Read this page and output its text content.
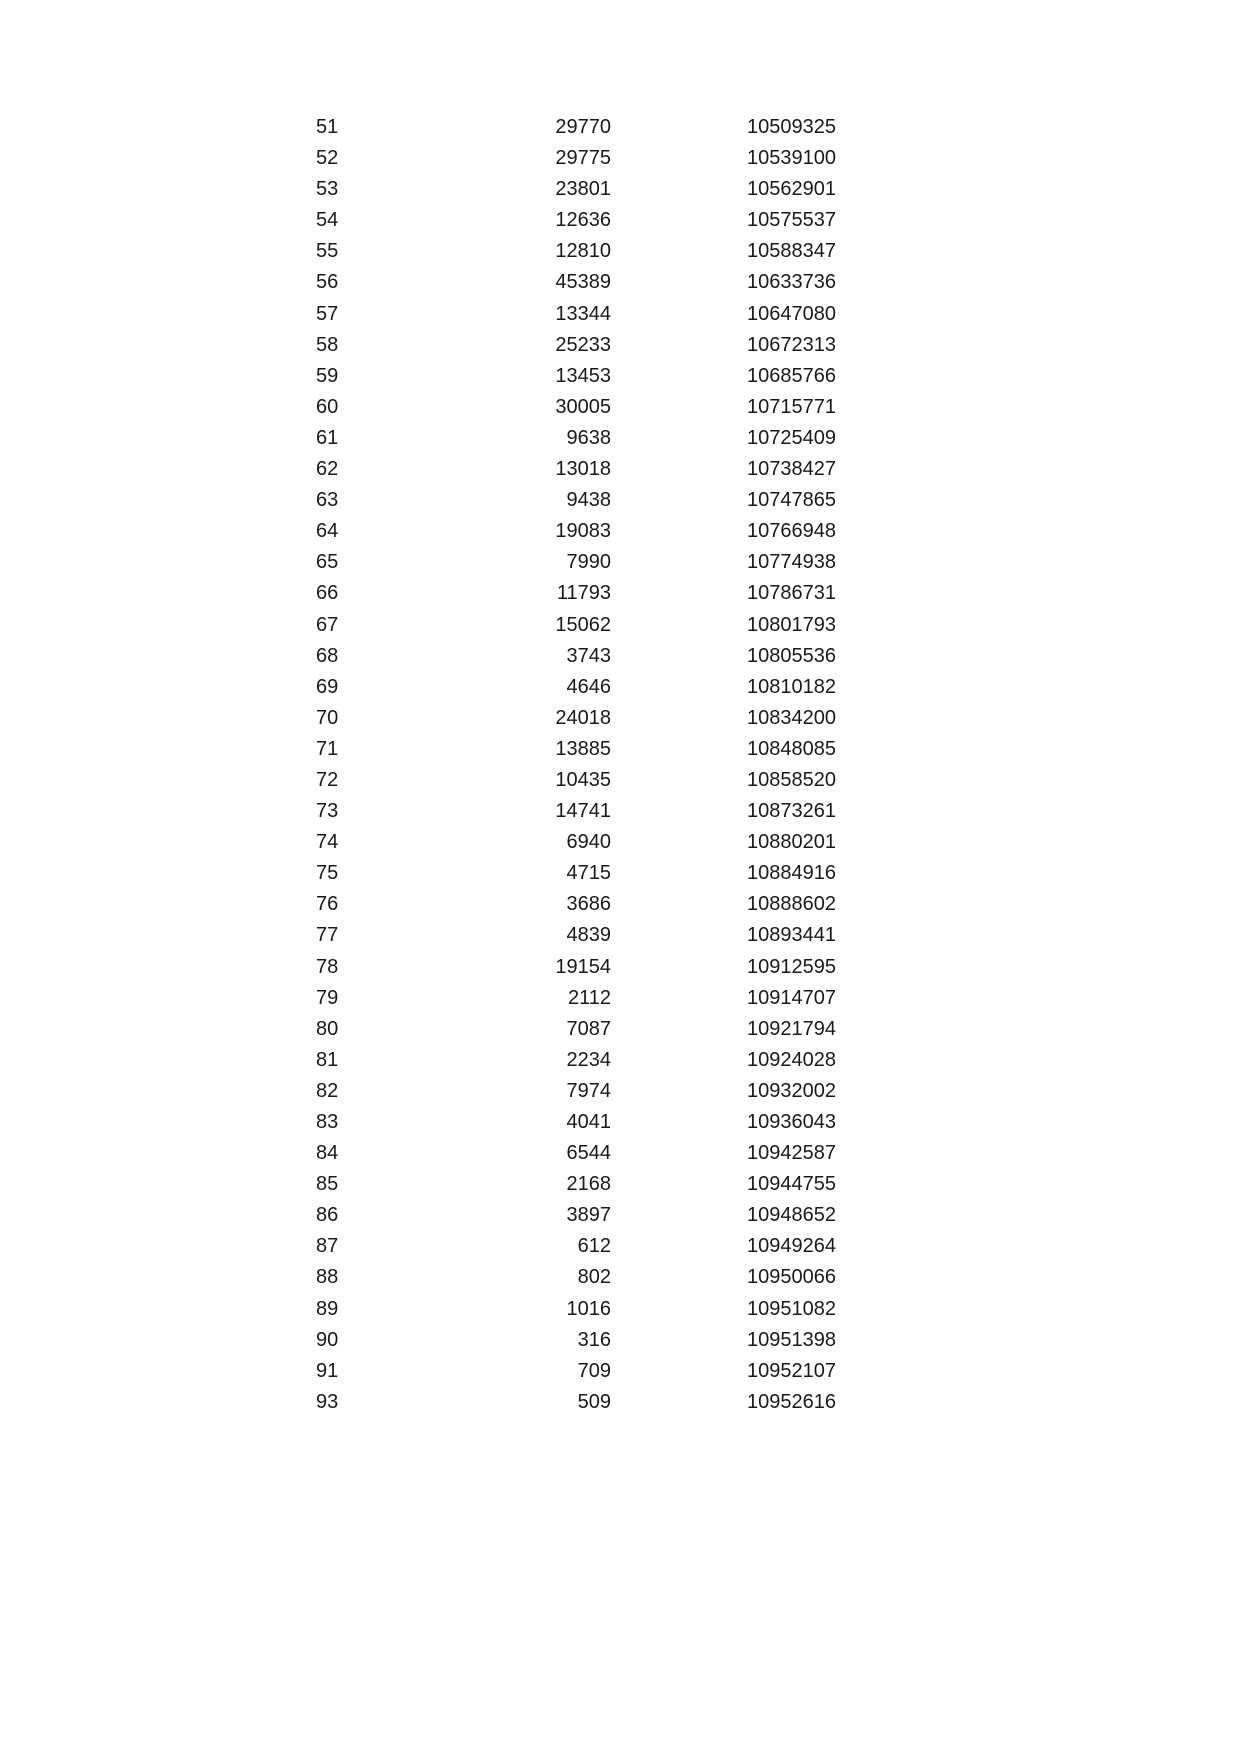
51	29770	10509325
52	29775	10539100
53	23801	10562901
54	12636	10575537
55	12810	10588347
56	45389	10633736
57	13344	10647080
58	25233	10672313
59	13453	10685766
60	30005	10715771
61	9638	10725409
62	13018	10738427
63	9438	10747865
64	19083	10766948
65	7990	10774938
66	11793	10786731
67	15062	10801793
68	3743	10805536
69	4646	10810182
70	24018	10834200
71	13885	10848085
72	10435	10858520
73	14741	10873261
74	6940	10880201
75	4715	10884916
76	3686	10888602
77	4839	10893441
78	19154	10912595
79	2112	10914707
80	7087	10921794
81	2234	10924028
82	7974	10932002
83	4041	10936043
84	6544	10942587
85	2168	10944755
86	3897	10948652
87	612	10949264
88	802	10950066
89	1016	10951082
90	316	10951398
91	709	10952107
93	509	10952616
